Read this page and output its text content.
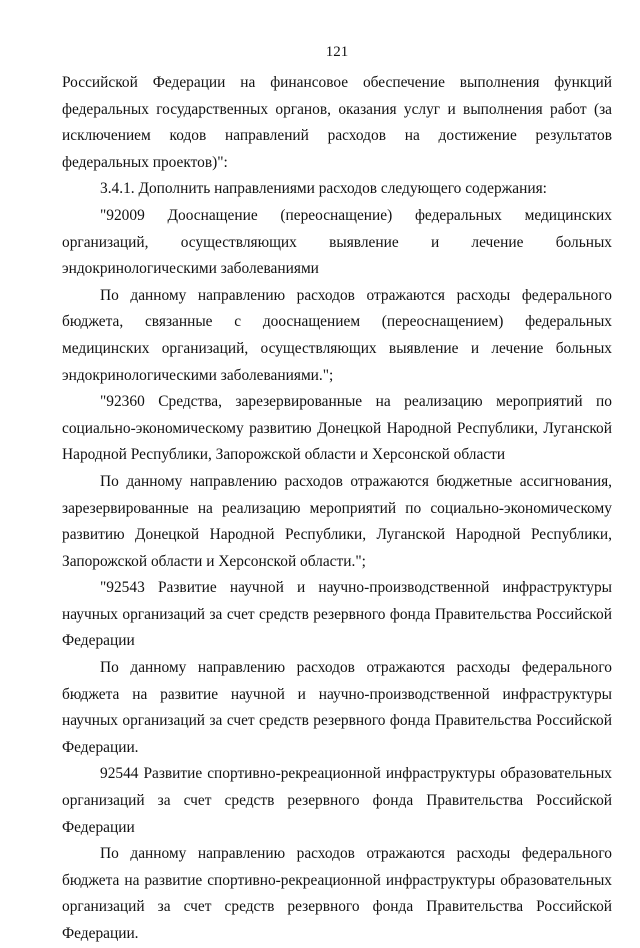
121

Российской Федерации на финансовое обеспечение выполнения функций федеральных государственных органов, оказания услуг и выполнения работ (за исключением кодов направлений расходов на достижение результатов федеральных проектов)":

3.4.1. Дополнить направлениями расходов следующего содержания:

"92009 Дооснащение (переоснащение) федеральных медицинских организаций, осуществляющих выявление и лечение больных эндокринологическими заболеваниями

По данному направлению расходов отражаются расходы федерального бюджета, связанные с дооснащением (переоснащением) федеральных медицинских организаций, осуществляющих выявление и лечение больных эндокринологическими заболеваниями.";

"92360 Средства, зарезервированные на реализацию мероприятий по социально-экономическому развитию Донецкой Народной Республики, Луганской Народной Республики, Запорожской области и Херсонской области

По данному направлению расходов отражаются бюджетные ассигнования, зарезервированные на реализацию мероприятий по социально-экономическому развитию Донецкой Народной Республики, Луганской Народной Республики, Запорожской области и Херсонской области.";

"92543 Развитие научной и научно-производственной инфраструктуры научных организаций за счет средств резервного фонда Правительства Российской Федерации

По данному направлению расходов отражаются расходы федерального бюджета на развитие научной и научно-производственной инфраструктуры научных организаций за счет средств резервного фонда Правительства Российской Федерации.

92544 Развитие спортивно-рекреационной инфраструктуры образовательных организаций за счет средств резервного фонда Правительства Российской Федерации

По данному направлению расходов отражаются расходы федерального бюджета на развитие спортивно-рекреационной инфраструктуры образовательных организаций за счет средств резервного фонда Правительства Российской Федерации.
